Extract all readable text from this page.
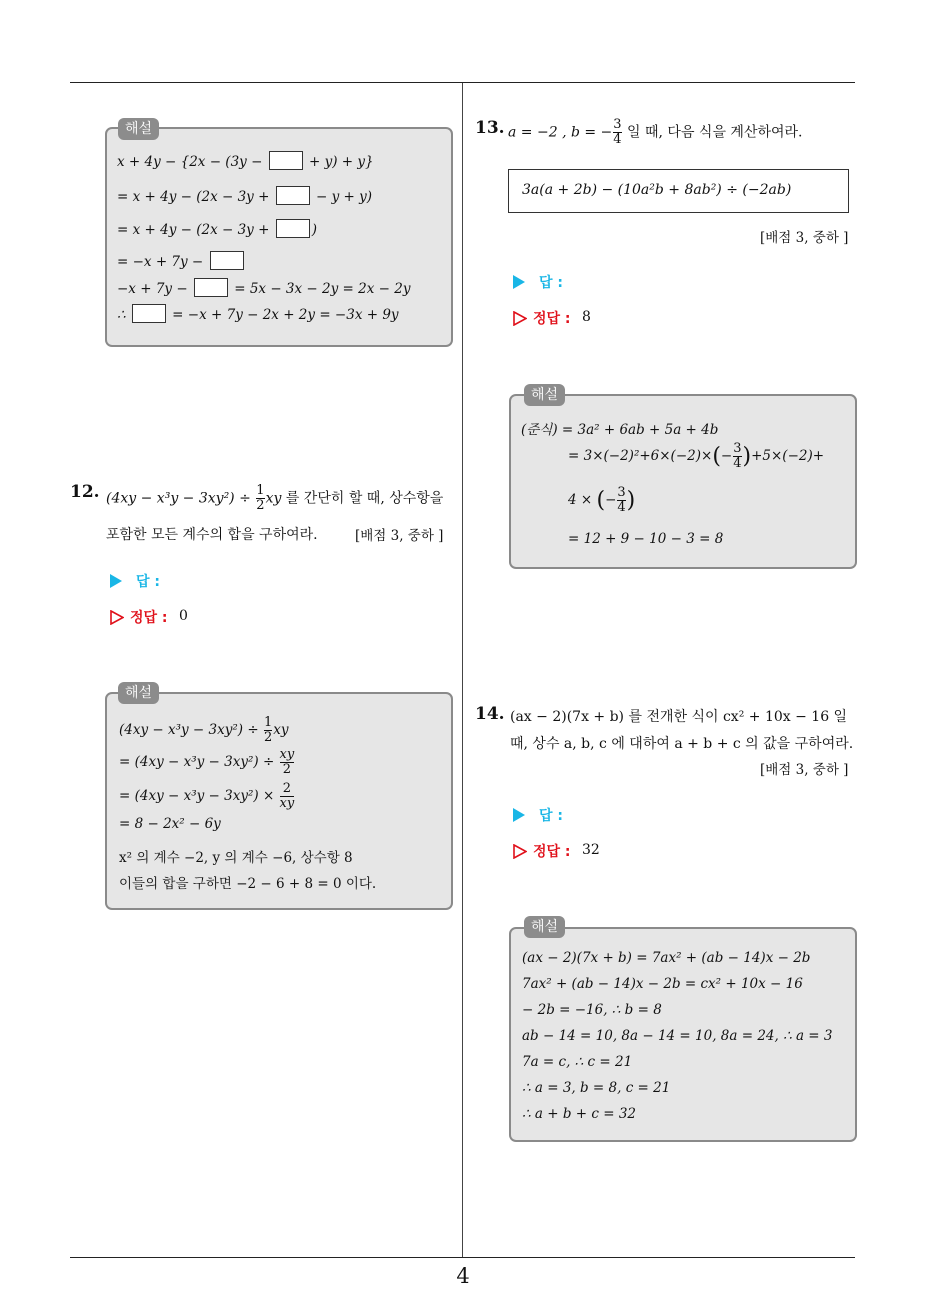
해설
x + 4y − {2x − (3y −	+ y) + y}
= x + 4y − (2x − 3y +	− y + y)
= x + 4y − (2x − 3y +	)
= −x + 7y −
−x + 7y −	= 5x − 3x − 2y = 2x − 2y
∴	= −x + 7y − 2x + 2y = −3x + 9y
12. $(4xy - x^3y - 3xy^2) \div \frac{1}{2}$ xy 를 간단히 할 때, 상수항을
포함한 모든 계수의 합을 구하여라.	[배점 3, 중하 ]
답 :
정답 : 0
해설
$(4xy - x^3y - 3xy^2) \div \frac{1}{2}$ xy
= $(4xy - x^3y - 3xy^2) \div \frac{xy}{2}$
= $(4xy - x^3y - 3xy^2) \times \frac{2}{xy}$
= 8 − 2x² − 6y
x² 의 계수 −2, y 의 계수 −6, 상수항 8
이들의 합을 구하면 −2 − 6 + 8 = 0 이다.
13. a = −2 , b = − $\frac{3}{4}$ 일 때, 다음 식을 계산하여라.
3a(a + 2b) − (10a²b + 8ab²) ÷ (−2ab)
[배점 3, 중하 ]
답 :
정답 : 8
해설
(준식) = 3a² + 6ab + 5a + 4b
= $3\times(-2)^2+6\times(-2)\times(- \frac{3}{4} )+5\times(-2)+$
4 × (− $\frac{3}{4}$ )
= 12 + 9 − 10 − 3 = 8
14. (ax − 2)(7x + b) 를 전개한 식이 cx² + 10x − 16 일
때, 상수 a, b, c 에 대하여 a + b + c 의 값을 구하여라.
[배점 3, 중하 ]
답 :
정답 : 32
해설
(ax − 2)(7x + b) = 7ax² + (ab − 14)x − 2b
7ax² + (ab − 14)x − 2b = cx² + 10x − 16
− 2b = −16, ∴ b = 8
ab − 14 = 10, 8a − 14 = 10, 8a = 24, ∴ a = 3
7a = c, ∴ c = 21
∴ a = 3, b = 8, c = 21
∴ a + b + c = 32
4
